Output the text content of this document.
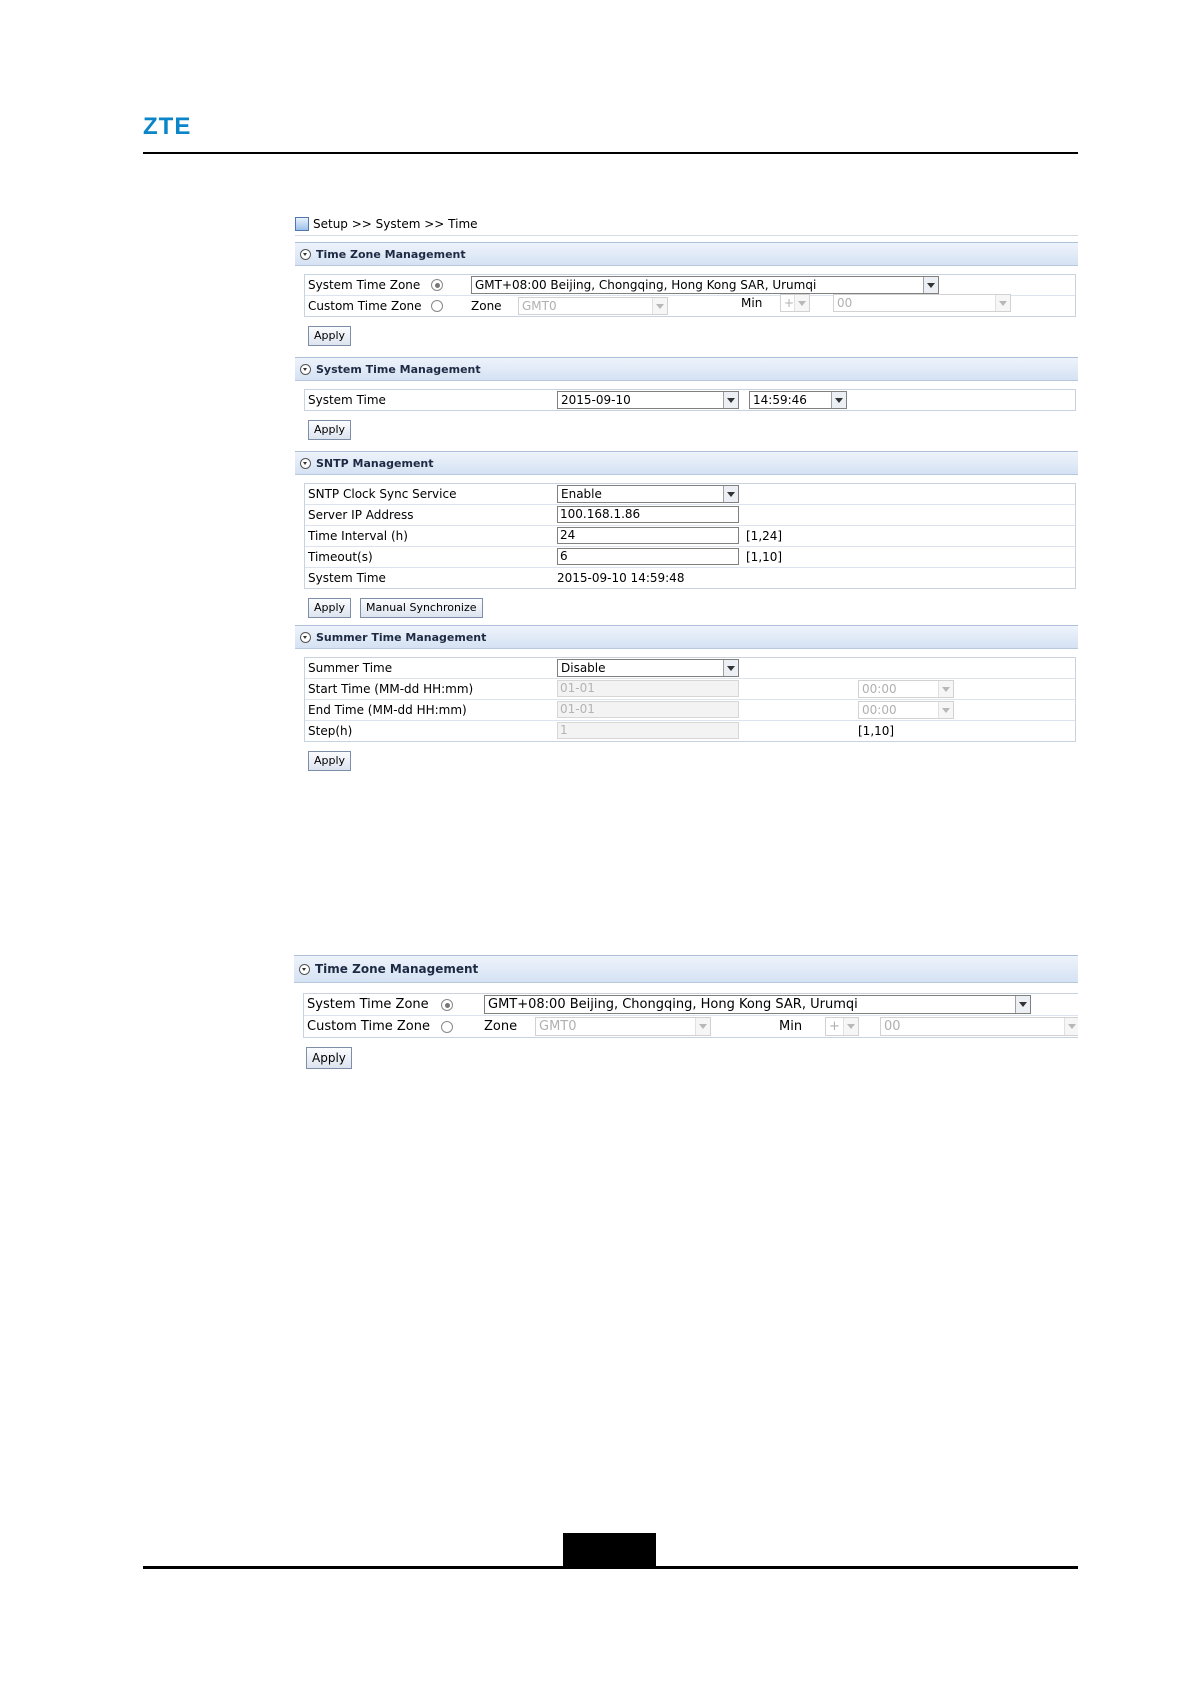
ZTE
Setup >> System >> Time
Time Zone Management
System Time Zone	GMT+08:00 Beijing, Chongqing, Hong Kong SAR, Urumqi
Custom Time Zone	Zone GMT0	Min +	00
Apply
System Time Management
System Time	2015-09-10	14:59:46
Apply
SNTP Management
SNTP Clock Sync Service	Enable
Server IP Address	100.168.1.86
Time Interval (h)	24	[1,24]
Timeout(s)	6	[1,10]
System Time	2015-09-10 14:59:48
Apply	Manual Synchronize
Summer Time Management
Summer Time	Disable
Start Time (MM-dd HH:mm)	01-01	00:00
End Time (MM-dd HH:mm)	01-01	00:00
Step(h)	1	[1,10]
Apply
Time Zone Management
System Time Zone	GMT+08:00 Beijing, Chongqing, Hong Kong SAR, Urumqi
Custom Time Zone	Zone GMT0	Min +	00
Apply
